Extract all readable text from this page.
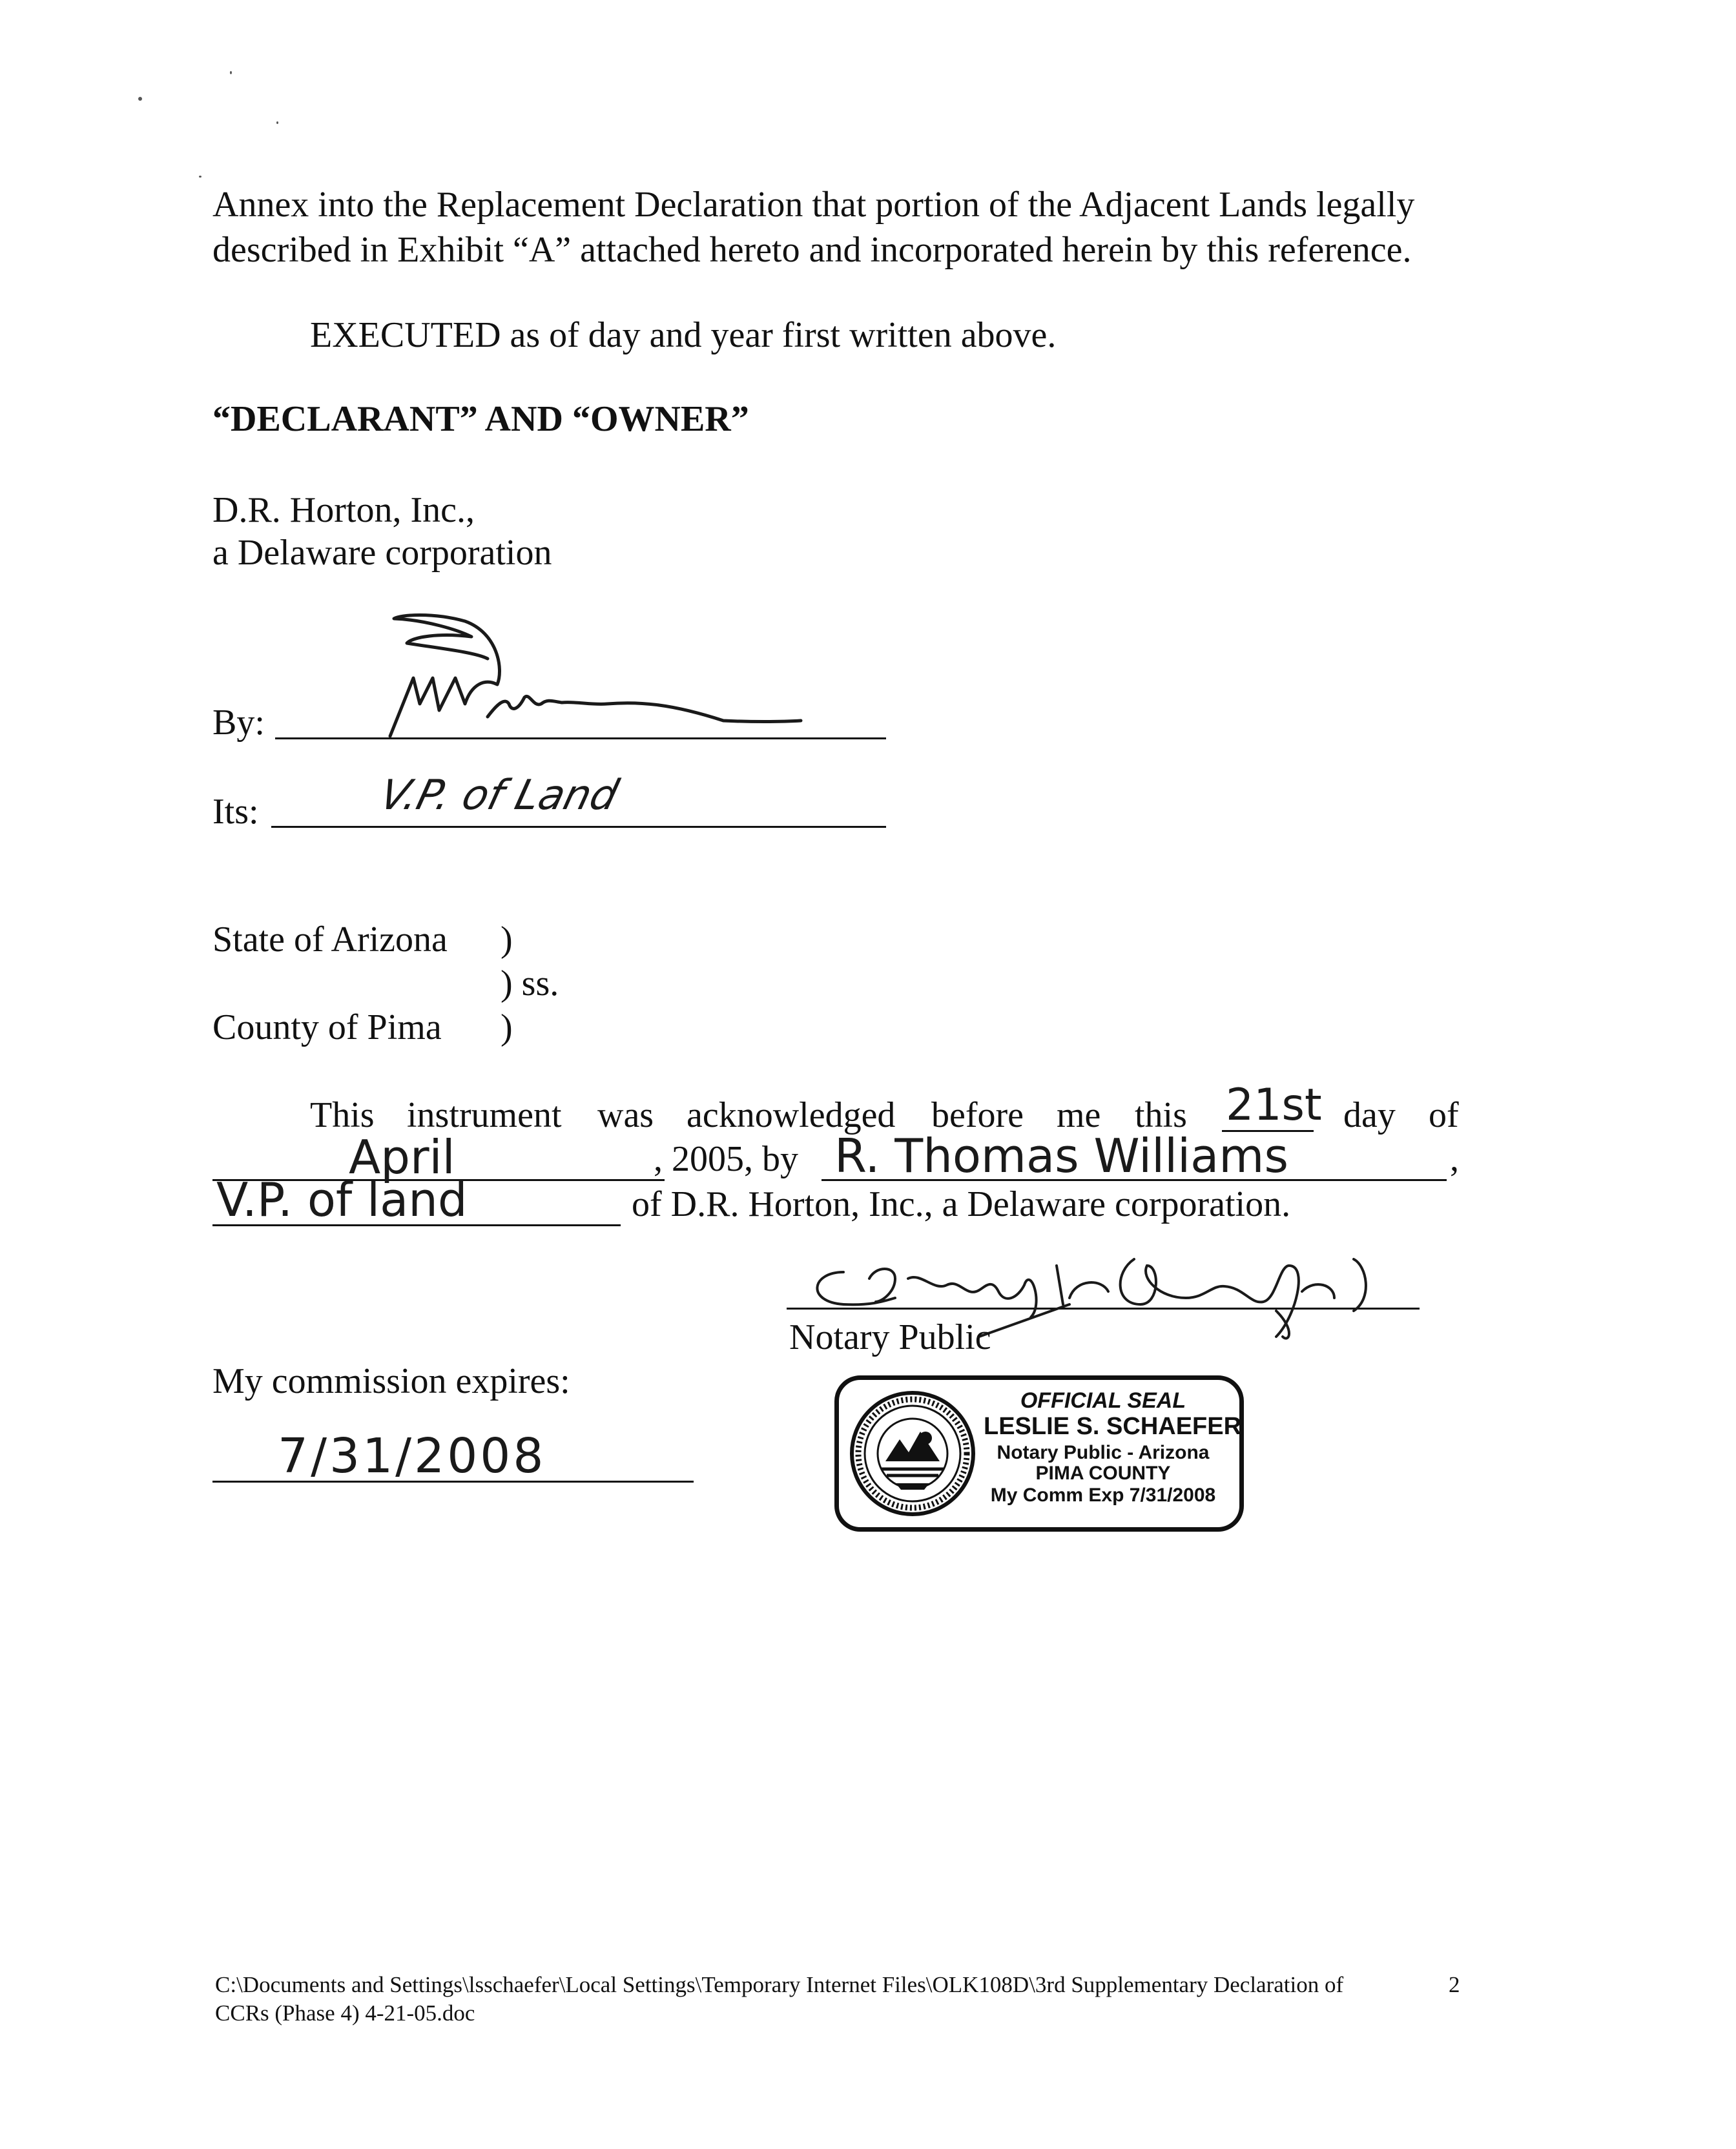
Annex into the Replacement Declaration that portion of the Adjacent Lands legally
described in Exhibit “A” attached hereto and incorporated herein by this reference.
EXECUTED as of day and year first written above.
“DECLARANT” AND “OWNER”
D.R. Horton, Inc.,
a Delaware corporation
By:
Its:	V.P. of Land
State of Arizona )
) ss.
County of Pima )
This instrument was acknowledged before me this 21st day of
April	, 2005, by R. Thomas Williams	,
V.P. of land	of D.R. Horton, Inc., a Delaware corporation.
Notary Public
My commission expires:
7/31/2008
OFFICIAL SEAL
LESLIE S. SCHAEFER
Notary Public - Arizona
PIMA COUNTY
My Comm Exp 7/31/2008
C:\Documents and Settings\lsschaefer\Local Settings\Temporary Internet Files\OLK108D\3rd Supplementary Declaration of
CCRs (Phase 4) 4-21-05.doc
2
